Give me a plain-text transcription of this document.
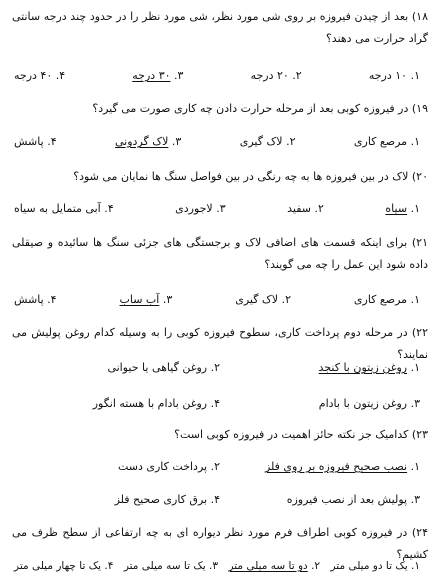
۱۸) بعد از چیدن فیروزه بر روی شی مورد نظر، شی مورد نظر را در حدود چند درجه سانتی گراد حرارت می دهند؟
۱. ۱۰ درجه
۲. ۲۰ درجه
۳. ۳۰ درجه
۴. ۴۰ درجه
۱۹) در فیروزه کوبی بعد از مرحله حرارت دادن چه کاری صورت می گیرد؟
۱. مرصع کاری
۲. لاک گیری
۳. لاک گردونی
۴. پاشش
۲۰) لاک در بین فیروزه ها به چه رنگی در بین فواصل سنگ ها نمایان می شود؟
۱. سیاه
۲. سفید
۳. لاجوردی
۴. آبی متمایل به سیاه
۲۱) برای اینکه قسمت های اضافی لاک و برجستگی های جزئی سنگ ها سائیده و صیقلی داده شود این عمل را چه می گویند؟
۱. مرصع کاری
۲. لاک گیری
۳. آب ساب
۴. پاشش
۲۲) در مرحله دوم پرداخت کاری، سطوح فیروزه کوبی را به وسیله کدام روغن پولیش می نمایند؟
۱. روغن زیتون با کنجد
۲. روغن گیاهی یا حیوانی
۳. روغن زیتون با بادام
۴. روغن بادام با هسته انگور
۲۳) کدامیک جز نکته حائز اهمیت در فیروزه کوبی است؟
۱. نصب صحیح فیروزه بر روی فلز
۲. پرداخت کاری دست
۳. پولیش بعد از نصب فیروزه
۴. برق کاری صحیح فلز
۲۴) در فیروزه کوبی اطراف فرم مورد نظر دیواره ای به چه ارتفاعی از سطح ظرف می کشیم؟
۱. یک تا دو میلی متر
۲. دو تا سه میلی متر
۳. یک تا سه میلی متر
۴. یک تا چهار میلی متر
